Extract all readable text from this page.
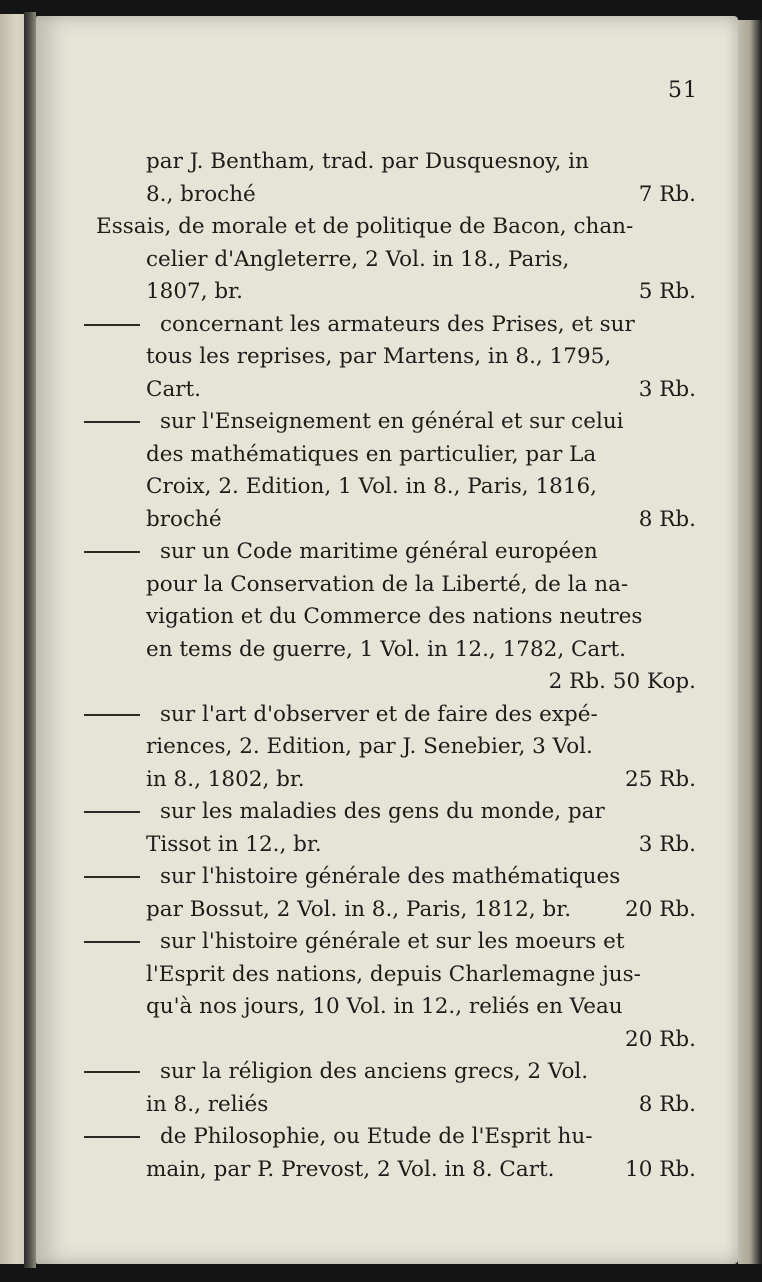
51
par J. Bentham, trad. par Dusquesnoy, in
8., broché	7 Rb.
Essais, de morale et de politique de Bacon, chan-
celier d'Angleterre, 2 Vol. in 18., Paris,
1807, br.	5 Rb.
concernant les armateurs des Prises, et sur
tous les reprises, par Martens, in 8., 1795,
Cart.	3 Rb.
sur l'Enseignement en général et sur celui
des mathématiques en particulier, par La
Croix, 2. Edition, 1 Vol. in 8., Paris, 1816,
broché	8 Rb.
sur un Code maritime général européen
pour la Conservation de la Liberté, de la na-
vigation et du Commerce des nations neutres
en tems de guerre, 1 Vol. in 12., 1782, Cart.
2 Rb. 50 Kop.
sur l'art d'observer et de faire des expé-
riences, 2. Edition, par J. Senebier, 3 Vol.
in 8., 1802, br.	25 Rb.
sur les maladies des gens du monde, par
Tissot in 12., br.	3 Rb.
sur l'histoire générale des mathématiques
par Bossut, 2 Vol. in 8., Paris, 1812, br.	20 Rb.
sur l'histoire générale et sur les moeurs et
l'Esprit des nations, depuis Charlemagne jus-
qu'à nos jours, 10 Vol. in 12., reliés en Veau
20 Rb.
sur la réligion des anciens grecs, 2 Vol.
in 8., reliés	8 Rb.
de Philosophie, ou Etude de l'Esprit hu-
main, par P. Prevost, 2 Vol. in 8. Cart.	10 Rb.
